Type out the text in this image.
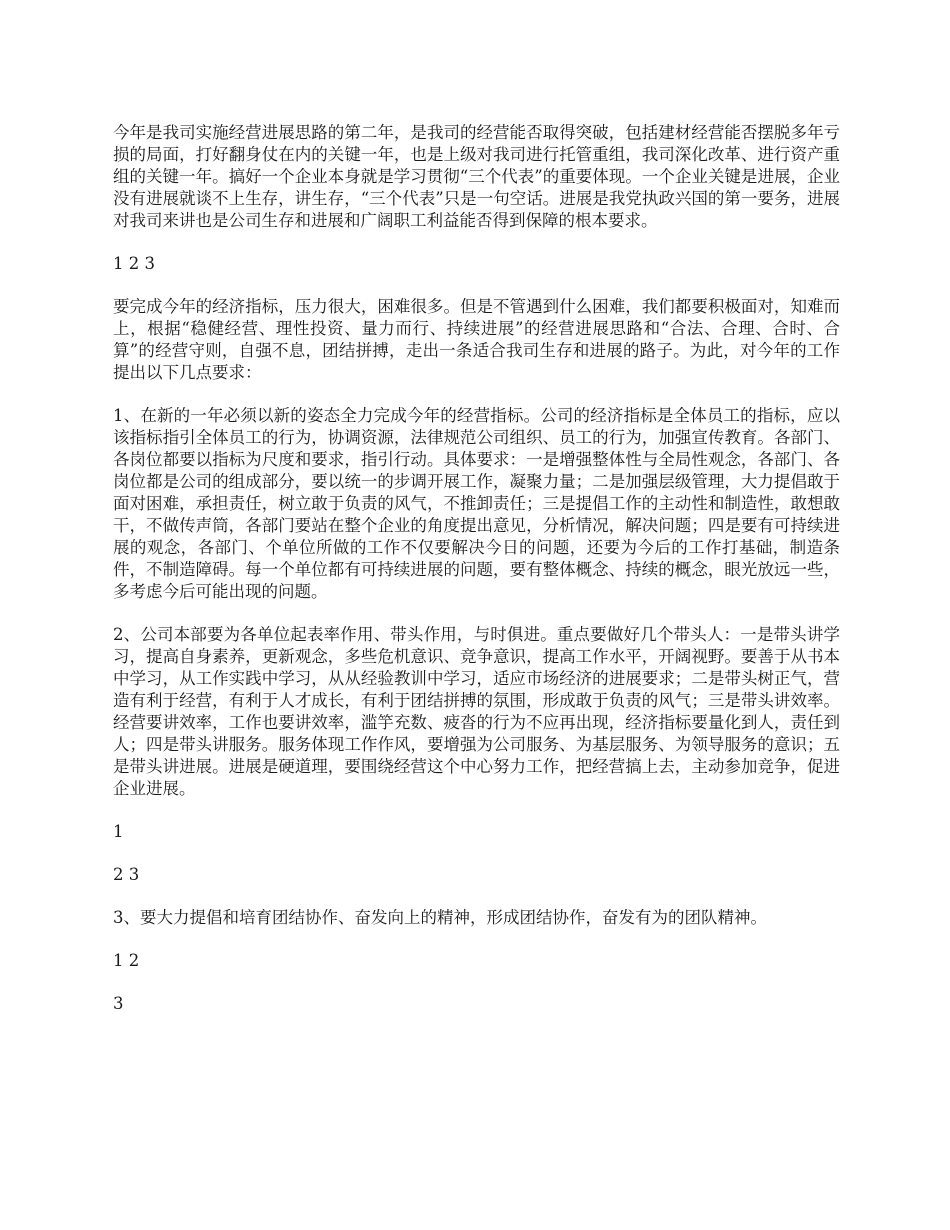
今年是我司实施经营进展思路的第二年，是我司的经营能否取得突破，包括建材经营能否摆脱多年亏损的局面，打好翻身仗在内的关键一年，也是上级对我司进行托管重组，我司深化改革、进行资产重组的关键一年。搞好一个企业本身就是学习贯彻“三个代表”的重要体现。一个企业关键是进展，企业没有进展就谈不上生存，讲生存，“三个代表”只是一句空话。进展是我党执政兴国的第一要务，进展对我司来讲也是公司生存和进展和广阔职工利益能否得到保障的根本要求。

1 2 3

要完成今年的经济指标，压力很大，困难很多。但是不管遇到什么困难，我们都要积极面对，知难而上，根据“稳健经营、理性投资、量力而行、持续进展”的经营进展思路和“合法、合理、合时、合算”的经营守则，自强不息，团结拼搏，走出一条适合我司生存和进展的路子。为此，对今年的工作提出以下几点要求：

1、在新的一年必须以新的姿态全力完成今年的经营指标。公司的经济指标是全体员工的指标，应以该指标指引全体员工的行为，协调资源，法律规范公司组织、员工的行为，加强宣传教育。各部门、各岗位都要以指标为尺度和要求，指引行动。具体要求：一是增强整体性与全局性观念，各部门、各岗位都是公司的组成部分，要以统一的步调开展工作，凝聚力量；二是加强层级管理，大力提倡敢于面对困难，承担责任，树立敢于负责的风气，不推卸责任；三是提倡工作的主动性和制造性，敢想敢干，不做传声筒，各部门要站在整个企业的角度提出意见，分析情况，解决问题；四是要有可持续进展的观念，各部门、个单位所做的工作不仅要解决今日的问题，还要为今后的工作打基础，制造条件，不制造障碍。每一个单位都有可持续进展的问题，要有整体概念、持续的概念，眼光放远一些，多考虑今后可能出现的问题。

2、公司本部要为各单位起表率作用、带头作用，与时俱进。重点要做好几个带头人：一是带头讲学习，提高自身素养，更新观念，多些危机意识、竞争意识，提高工作水平，开阔视野。要善于从书本中学习，从工作实践中学习，从从经验教训中学习，适应市场经济的进展要求；二是带头树正气，营造有利于经营，有利于人才成长，有利于团结拼搏的氛围，形成敢于负责的风气；三是带头讲效率。经营要讲效率，工作也要讲效率，滥竽充数、疲沓的行为不应再出现，经济指标要量化到人，责任到人；四是带头讲服务。服务体现工作作风，要增强为公司服务、为基层服务、为领导服务的意识；五是带头讲进展。进展是硬道理，要围绕经营这个中心努力工作，把经营搞上去，主动参加竞争，促进企业进展。

1

2 3

3、要大力提倡和培育团结协作、奋发向上的精神，形成团结协作，奋发有为的团队精神。

1 2

3
